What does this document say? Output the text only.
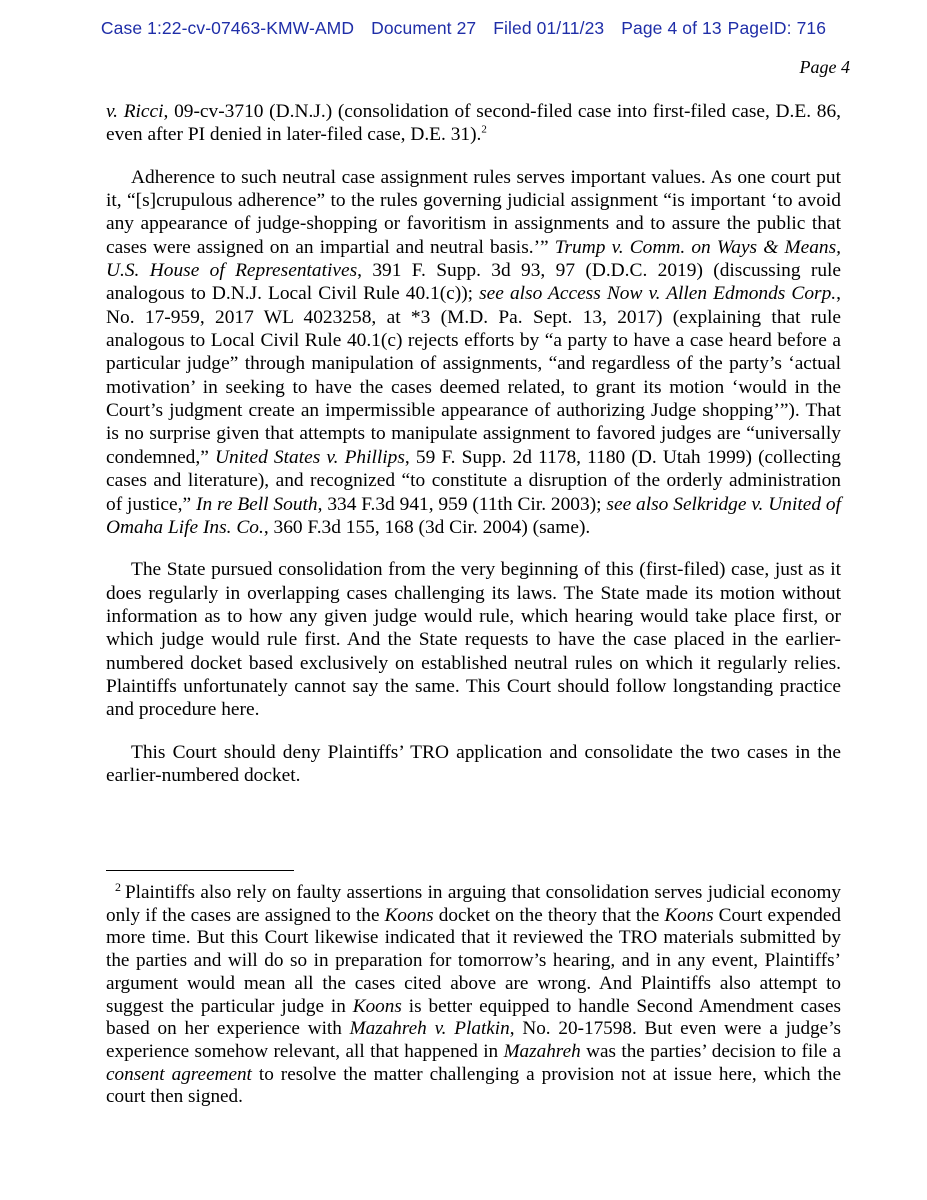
Case 1:22-cv-07463-KMW-AMD Document 27 Filed 01/11/23 Page 4 of 13 PageID: 716
Page 4

v. Ricci, 09-cv-3710 (D.N.J.) (consolidation of second-filed case into first-filed case, D.E. 86, even after PI denied in later-filed case, D.E. 31).$^2$

Adherence to such neutral case assignment rules serves important values. As one court put it, “[s]crupulous adherence” to the rules governing judicial assignment “is important ‘to avoid any appearance of judge-shopping or favoritism in assignments and to assure the public that cases were assigned on an impartial and neutral basis.’” Trump v. Comm. on Ways & Means, U.S. House of Representatives, 391 F. Supp. 3d 93, 97 (D.D.C. 2019) (discussing rule analogous to D.N.J. Local Civil Rule 40.1(c)); see also Access Now v. Allen Edmonds Corp., No. 17-959, 2017 WL 4023258, at *3 (M.D. Pa. Sept. 13, 2017) (explaining that rule analogous to Local Civil Rule 40.1(c) rejects efforts by “a party to have a case heard before a particular judge” through manipulation of assignments, “and regardless of the party’s ‘actual motivation’ in seeking to have the cases deemed related, to grant its motion ‘would in the Court’s judgment create an impermissible appearance of authorizing Judge shopping’”). That is no surprise given that attempts to manipulate assignment to favored judges are “universally condemned,” United States v. Phillips, 59 F. Supp. 2d 1178, 1180 (D. Utah 1999) (collecting cases and literature), and recognized “to constitute a disruption of the orderly administration of justice,” In re Bell South, 334 F.3d 941, 959 (11th Cir. 2003); see also Selkridge v. United of Omaha Life Ins. Co., 360 F.3d 155, 168 (3d Cir. 2004) (same).

The State pursued consolidation from the very beginning of this (first-filed) case, just as it does regularly in overlapping cases challenging its laws. The State made its motion without information as to how any given judge would rule, which hearing would take place first, or which judge would rule first. And the State requests to have the case placed in the earlier-numbered docket based exclusively on established neutral rules on which it regularly relies. Plaintiffs unfortunately cannot say the same. This Court should follow longstanding practice and procedure here.

This Court should deny Plaintiffs’ TRO application and consolidate the two cases in the earlier-numbered docket.

$^2$ Plaintiffs also rely on faulty assertions in arguing that consolidation serves judicial economy only if the cases are assigned to the Koons docket on the theory that the Koons Court expended more time. But this Court likewise indicated that it reviewed the TRO materials submitted by the parties and will do so in preparation for tomorrow’s hearing, and in any event, Plaintiffs’ argument would mean all the cases cited above are wrong. And Plaintiffs also attempt to suggest the particular judge in Koons is better equipped to handle Second Amendment cases based on her experience with Mazahreh v. Platkin, No. 20-17598. But even were a judge’s experience somehow relevant, all that happened in Mazahreh was the parties’ decision to file a consent agreement to resolve the matter challenging a provision not at issue here, which the court then signed.
